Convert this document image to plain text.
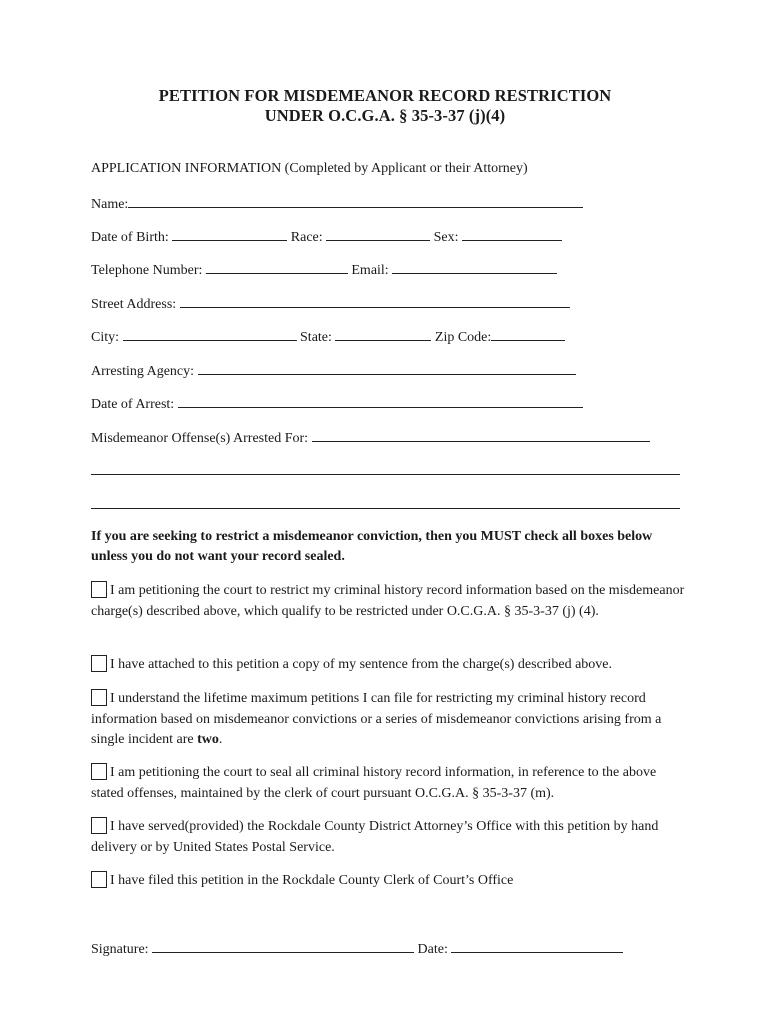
PETITION FOR MISDEMEANOR RECORD RESTRICTION
UNDER O.C.G.A. § 35-3-37 (j)(4)
APPLICATION INFORMATION (Completed by Applicant or their Attorney)
Name:
Date of Birth:	Race:	Sex:
Telephone Number:	Email:
Street Address:
City:	State:	Zip Code:
Arresting Agency:
Date of Arrest:
Misdemeanor Offense(s) Arrested For:
If you are seeking to restrict a misdemeanor conviction, then you MUST check all boxes below unless you do not want your record sealed.
I am petitioning the court to restrict my criminal history record information based on the misdemeanor charge(s) described above, which qualify to be restricted under O.C.G.A. § 35-3-37 (j) (4).
I have attached to this petition a copy of my sentence from the charge(s) described above.
I understand the lifetime maximum petitions I can file for restricting my criminal history record information based on misdemeanor convictions or a series of misdemeanor convictions arising from a single incident are two.
I am petitioning the court to seal all criminal history record information, in reference to the above stated offenses, maintained by the clerk of court pursuant O.C.G.A. § 35-3-37 (m).
I have served(provided) the Rockdale County District Attorney’s Office with this petition by hand delivery or by United States Postal Service.
I have filed this petition in the Rockdale County Clerk of Court’s Office
Signature:	Date:
